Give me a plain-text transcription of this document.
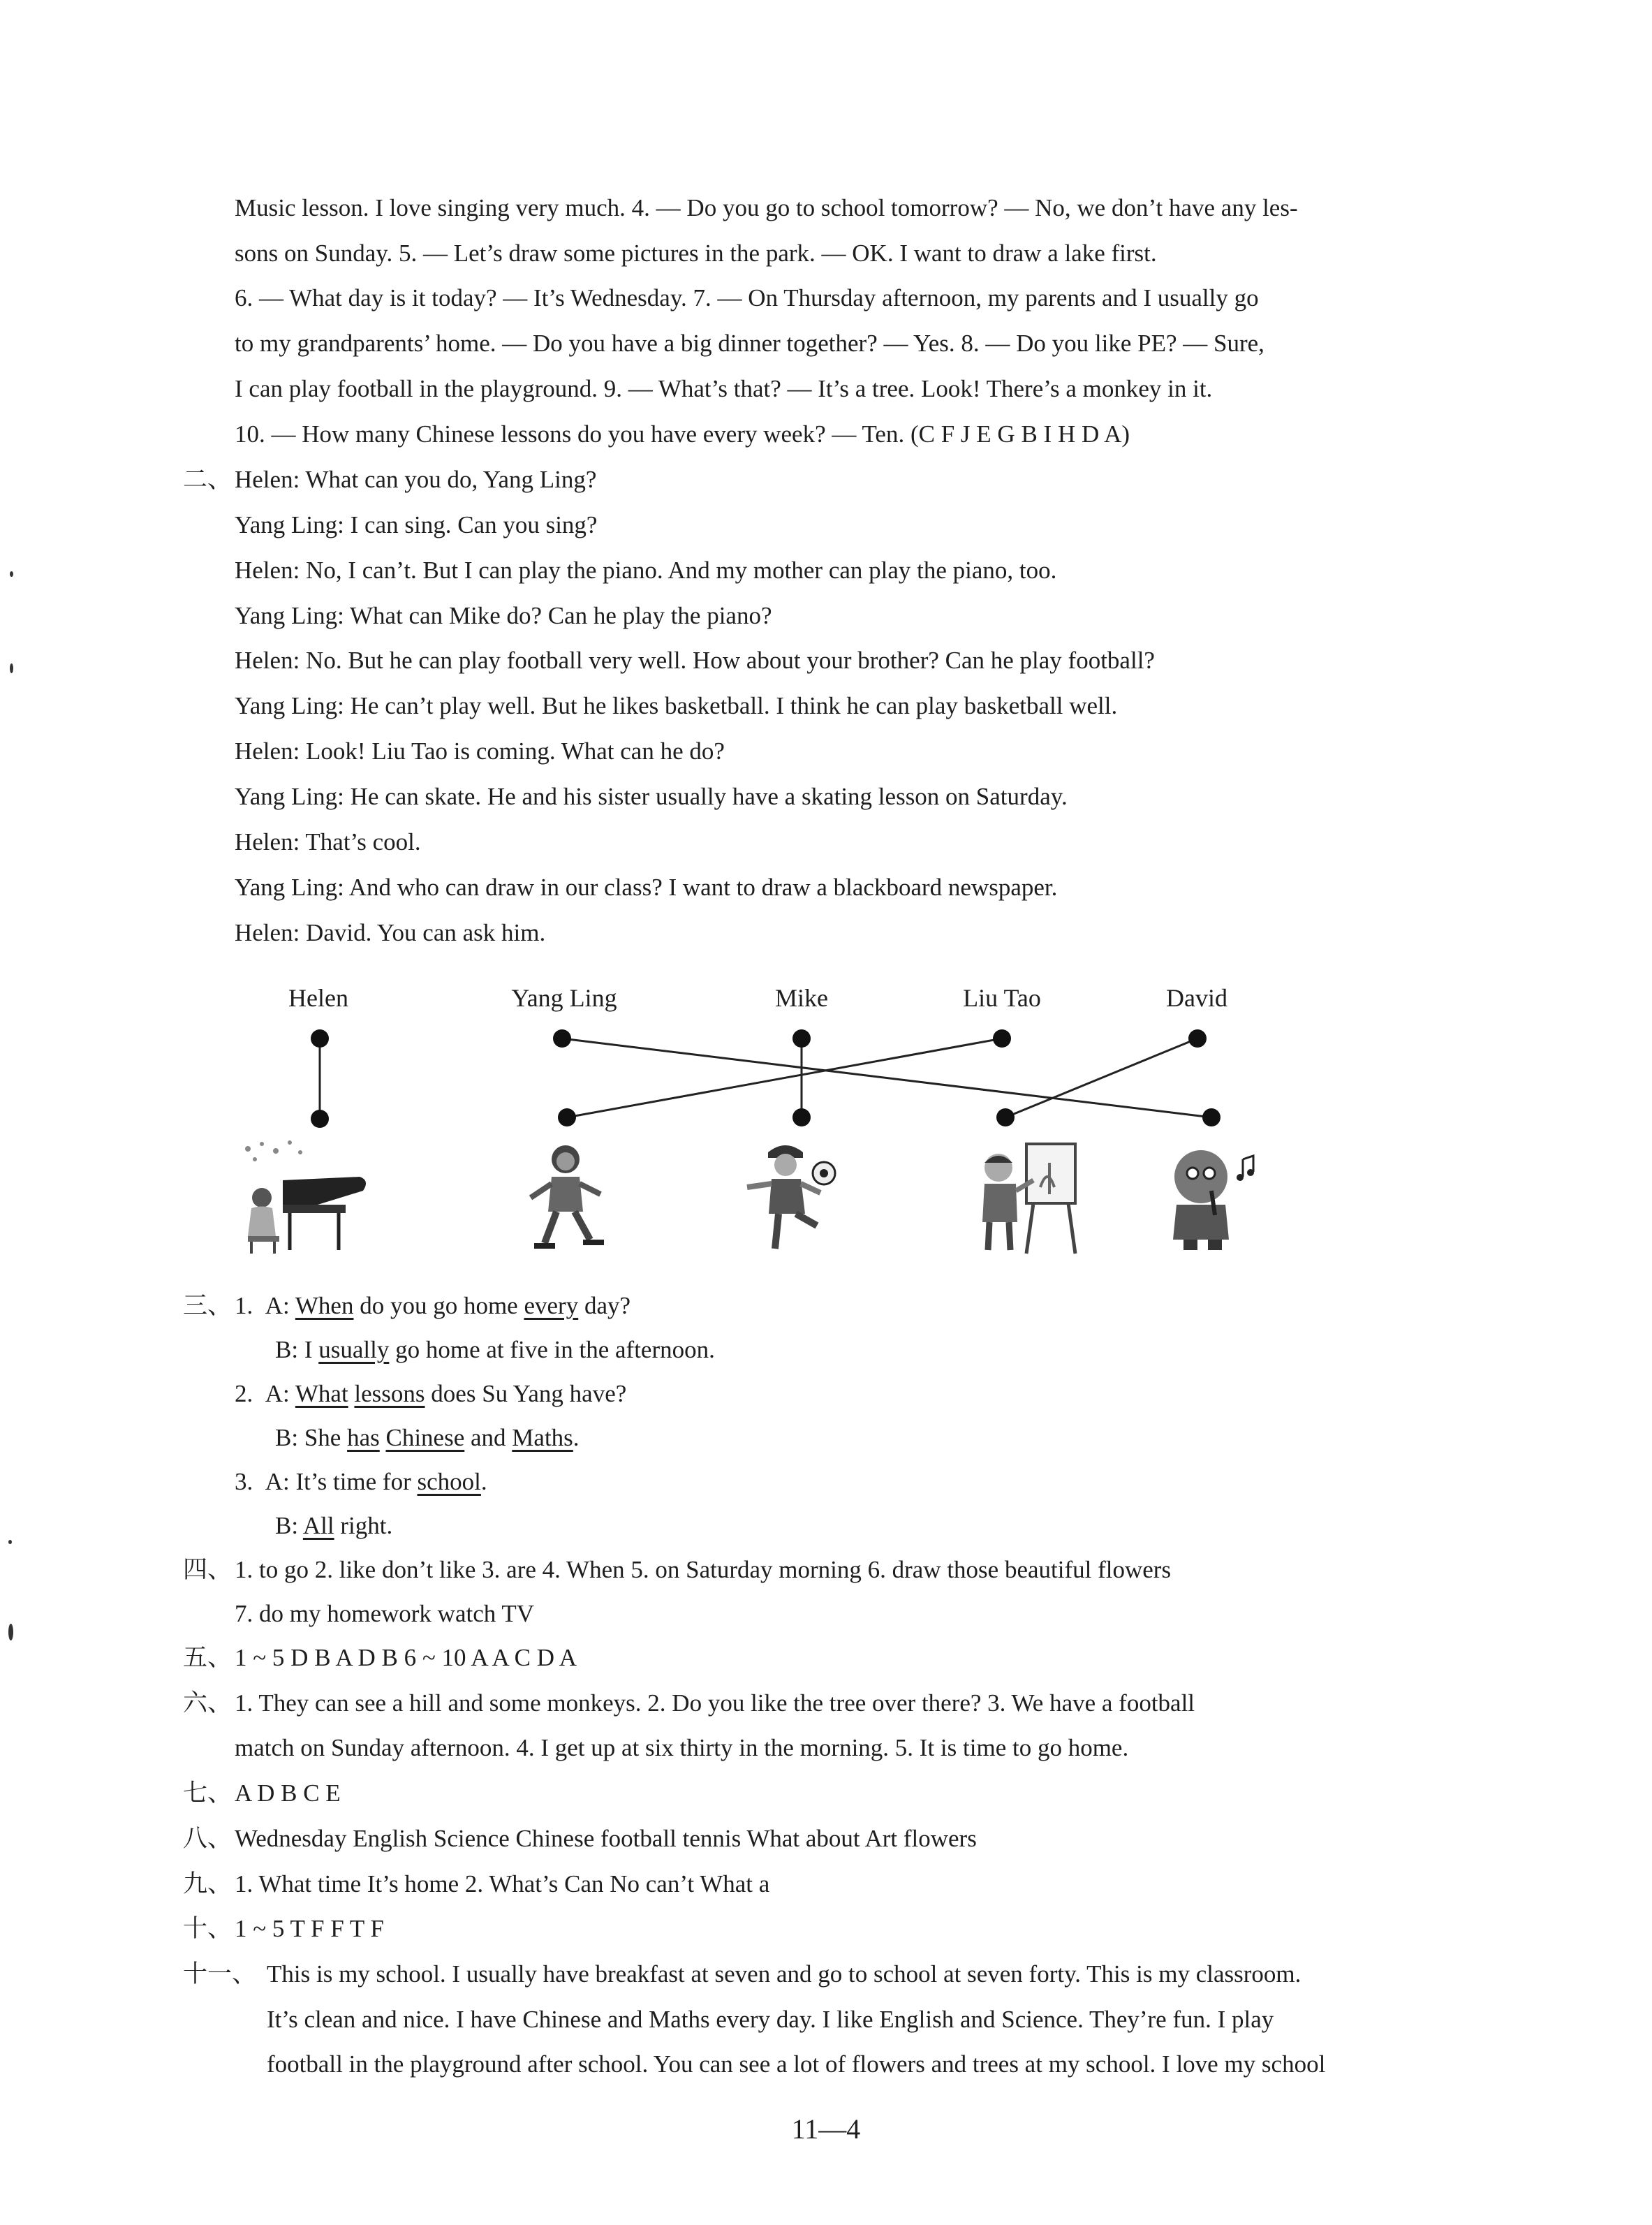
Music lesson. I love singing very much. 4. — Do you go to school tomorrow? — No, we don’t have any les-
sons on Sunday. 5. — Let’s draw some pictures in the park. — OK. I want to draw a lake first.
6. — What day is it today? — It’s Wednesday. 7. — On Thursday afternoon, my parents and I usually go
to my grandparents’ home. — Do you have a big dinner together? — Yes. 8. — Do you like PE? — Sure,
I can play football in the playground. 9. — What’s that? — It’s a tree. Look! There’s a monkey in it.
10. — How many Chinese lessons do you have every week? — Ten. (C F J E G B I H D A)
二、 Helen: What can you do, Yang Ling?
Yang Ling: I can sing. Can you sing?
Helen: No, I can’t. But I can play the piano. And my mother can play the piano, too.
Yang Ling: What can Mike do? Can he play the piano?
Helen: No. But he can play football very well. How about your brother? Can he play football?
Yang Ling: He can’t play well. But he likes basketball. I think he can play basketball well.
Helen: Look! Liu Tao is coming. What can he do?
Yang Ling: He can skate. He and his sister usually have a skating lesson on Saturday.
Helen: That’s cool.
Yang Ling: And who can draw in our class? I want to draw a blackboard newspaper.
Helen: David. You can ask him.
Helen	Yang Ling	Mike	Liu Tao	David
三、 1. A: When do you go home every day?
B: I usually go home at five in the afternoon.
2. A: What lessons does Su Yang have?
B: She has Chinese and Maths.
3. A: It’s time for school.
B: All right.
四、 1. to go 2. like don’t like 3. are 4. When 5. on Saturday morning 6. draw those beautiful flowers
7. do my homework watch TV
五、 1 ~ 5 D B A D B 6 ~ 10 A A C D A
六、 1. They can see a hill and some monkeys. 2. Do you like the tree over there? 3. We have a football
match on Sunday afternoon. 4. I get up at six thirty in the morning. 5. It is time to go home.
七、 A D B C E
八、 Wednesday English Science Chinese football tennis What about Art flowers
九、 1. What time It’s home 2. What’s Can No can’t What a
十、 1 ~ 5 T F F T F
十一、 This is my school. I usually have breakfast at seven and go to school at seven forty. This is my classroom.
It’s clean and nice. I have Chinese and Maths every day. I like English and Science. They’re fun. I play
football in the playground after school. You can see a lot of flowers and trees at my school. I love my school
11—4
